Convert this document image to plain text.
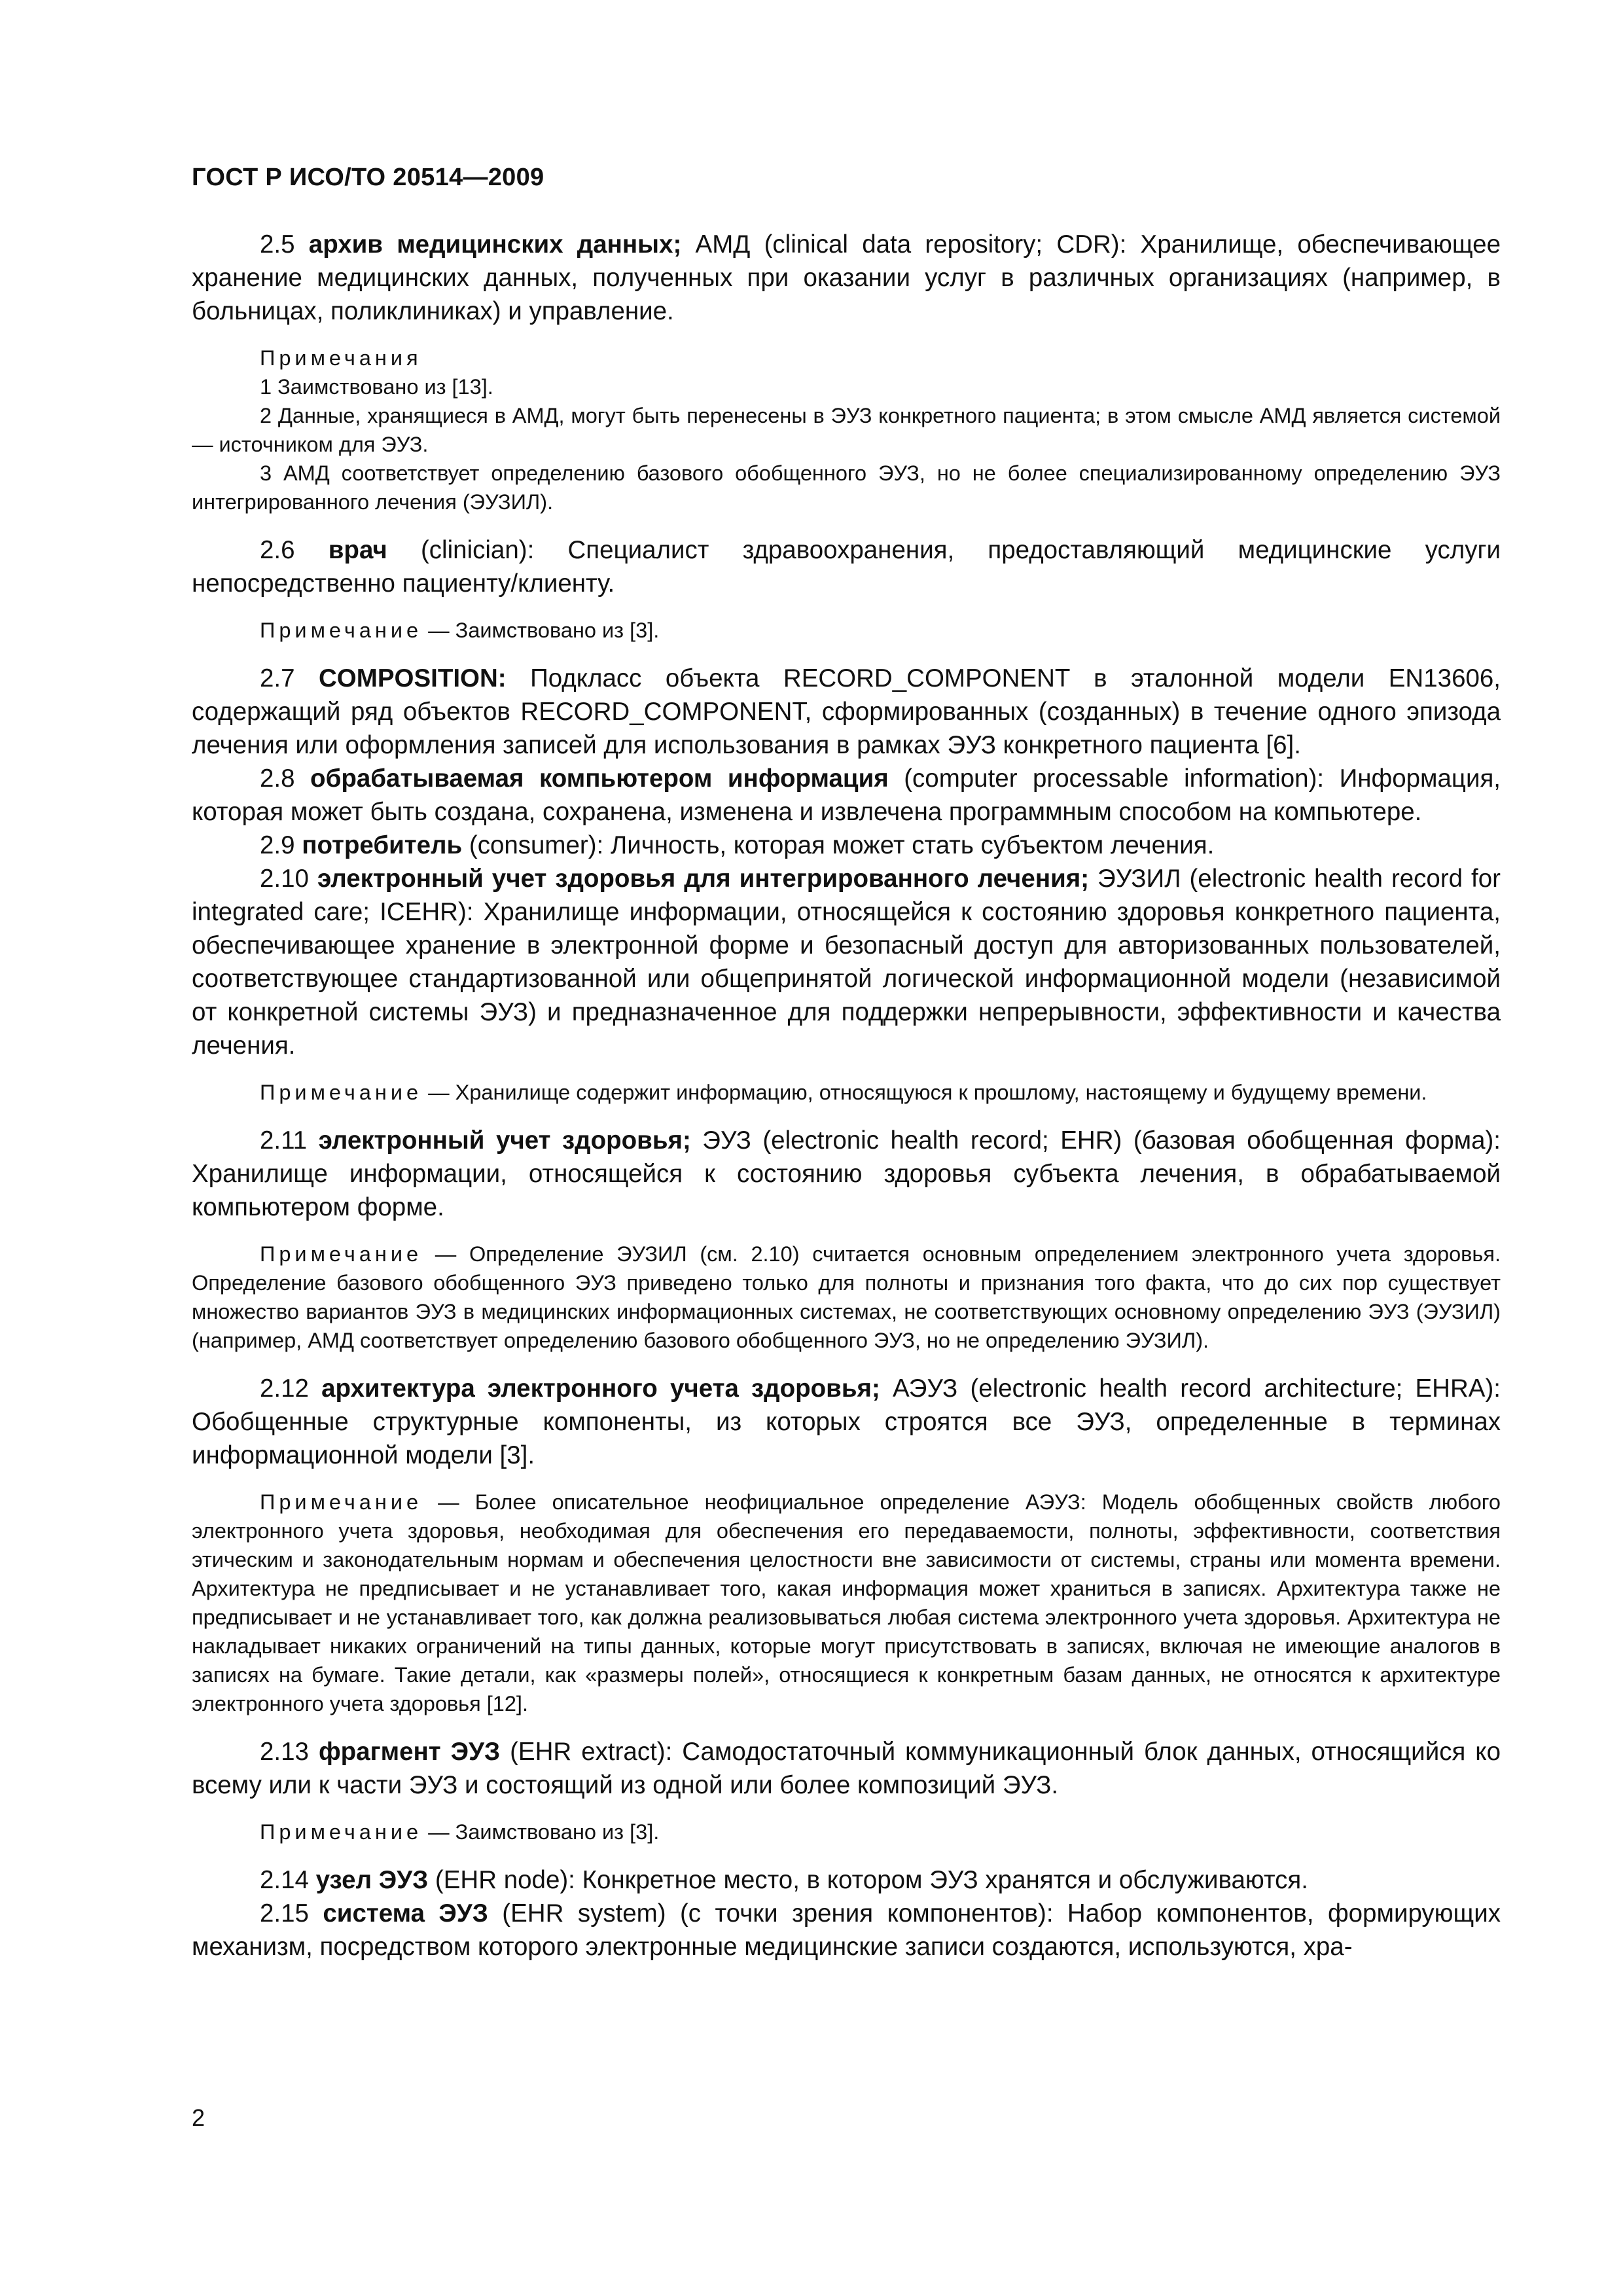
ГОСТ Р ИСО/ТО 20514—2009

2.5 архив медицинских данных; АМД (clinical data repository; CDR): Хранилище, обеспечивающее хранение медицинских данных, полученных при оказании услуг в различных организациях (например, в больницах, поликлиниках) и управление.

Примечания

1 Заимствовано из [13].

2 Данные, хранящиеся в АМД, могут быть перенесены в ЭУЗ конкретного пациента; в этом смысле АМД является системой — источником для ЭУЗ.

3 АМД соответствует определению базового обобщенного ЭУЗ, но не более специализированному определению ЭУЗ интегрированного лечения (ЭУЗИЛ).

2.6 врач (clinician): Специалист здравоохранения, предоставляющий медицинские услуги непосредственно пациенту/клиенту.

Примечание — Заимствовано из [3].

2.7 COMPOSITION: Подкласс объекта RECORD_COMPONENT в эталонной модели EN13606, содержащий ряд объектов RECORD_COMPONENT, сформированных (созданных) в течение одного эпизода лечения или оформления записей для использования в рамках ЭУЗ конкретного пациента [6].

2.8 обрабатываемая компьютером информация (computer processable information): Информация, которая может быть создана, сохранена, изменена и извлечена программным способом на компьютере.

2.9 потребитель (consumer): Личность, которая может стать субъектом лечения.

2.10 электронный учет здоровья для интегрированного лечения; ЭУЗИЛ (electronic health record for integrated care; ICEHR): Хранилище информации, относящейся к состоянию здоровья конкретного пациента, обеспечивающее хранение в электронной форме и безопасный доступ для авторизованных пользователей, соответствующее стандартизованной или общепринятой логической информационной модели (независимой от конкретной системы ЭУЗ) и предназначенное для поддержки непрерывности, эффективности и качества лечения.

Примечание — Хранилище содержит информацию, относящуюся к прошлому, настоящему и будущему времени.

2.11 электронный учет здоровья; ЭУЗ (electronic health record; EHR) (базовая обобщенная форма): Хранилище информации, относящейся к состоянию здоровья субъекта лечения, в обрабатываемой компьютером форме.

Примечание — Определение ЭУЗИЛ (см. 2.10) считается основным определением электронного учета здоровья. Определение базового обобщенного ЭУЗ приведено только для полноты и признания того факта, что до сих пор существует множество вариантов ЭУЗ в медицинских информационных системах, не соответствующих основному определению ЭУЗ (ЭУЗИЛ) (например, АМД соответствует определению базового обобщенного ЭУЗ, но не определению ЭУЗИЛ).

2.12 архитектура электронного учета здоровья; АЭУЗ (electronic health record architecture; EHRA): Обобщенные структурные компоненты, из которых строятся все ЭУЗ, определенные в терминах информационной модели [3].

Примечание — Более описательное неофициальное определение АЭУЗ: Модель обобщенных свойств любого электронного учета здоровья, необходимая для обеспечения его передаваемости, полноты, эффективности, соответствия этическим и законодательным нормам и обеспечения целостности вне зависимости от системы, страны или момента времени. Архитектура не предписывает и не устанавливает того, какая информация может храниться в записях. Архитектура также не предписывает и не устанавливает того, как должна реализовываться любая система электронного учета здоровья. Архитектура не накладывает никаких ограничений на типы данных, которые могут присутствовать в записях, включая не имеющие аналогов в записях на бумаге. Такие детали, как «размеры полей», относящиеся к конкретным базам данных, не относятся к архитектуре электронного учета здоровья [12].

2.13 фрагмент ЭУЗ (EHR extract): Самодостаточный коммуникационный блок данных, относящийся ко всему или к части ЭУЗ и состоящий из одной или более композиций ЭУЗ.

Примечание — Заимствовано из [3].

2.14 узел ЭУЗ (EHR node): Конкретное место, в котором ЭУЗ хранятся и обслуживаются.

2.15 система ЭУЗ (EHR system) (с точки зрения компонентов): Набор компонентов, формирующих механизм, посредством которого электронные медицинские записи создаются, используются, хра-

2
